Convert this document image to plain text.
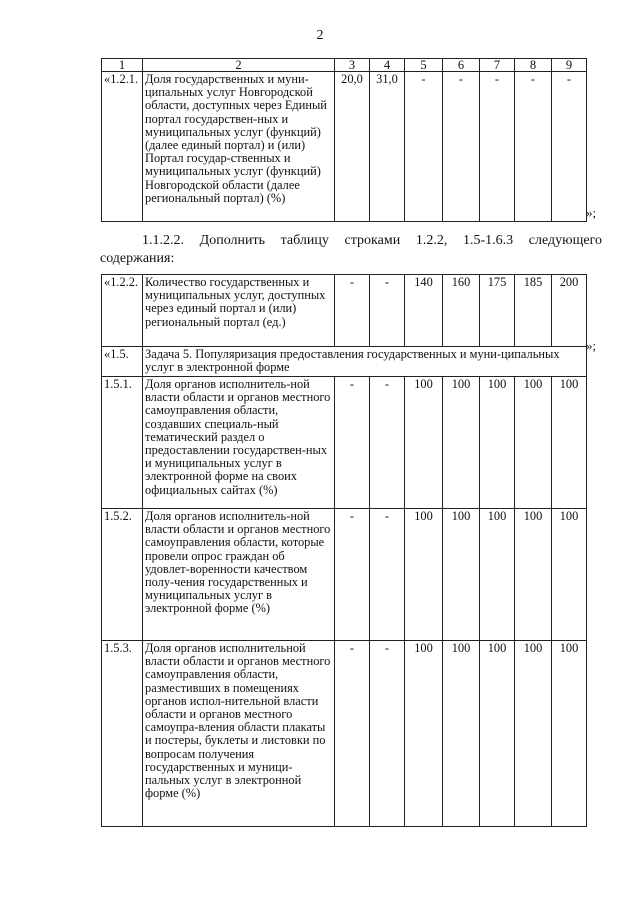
2
1	2	3	4	5	6	7	8	9
«1.2.1.	Доля государственных и муни-ципальных услуг Новгородской области, доступных через Единый портал государствен-ных и муниципальных услуг (функций) (далее единый портал) и (или) Портал государ-ственных и муниципальных услуг (функций) Новгородской области (далее региональный портал) (%)	20,0	31,0	-	-	-	-	-
»;
1.1.2.2. Дополнить таблицу строками 1.2.2, 1.5-1.6.3 следующего содержания:
«1.2.2.	Количество государственных и муниципальных услуг, доступных через единый портал и (или) региональный портал (ед.)	-	-	140	160	175	185	200
«1.5.	Задача 5. Популяризация предоставления государственных и муни-ципальных услуг в электронной форме							
1.5.1.	Доля органов исполнитель-ной власти области и органов местного самоуправления области, создавших специаль-ный тематический раздел о предоставлении государствен-ных и муниципальных услуг в электронной форме на своих официальных сайтах (%)	-	-	100	100	100	100	100
1.5.2.	Доля органов исполнитель-ной власти области и органов местного самоуправления области, которые провели опрос граждан об удовлет-воренности качеством полу-чения государственных и муниципальных услуг в электронной форме (%)	-	-	100	100	100	100	100
1.5.3.	Доля органов исполнительной власти области и органов местного самоуправления области, разместивших в помещениях органов испол-нительной власти области и органов местного самоупра-вления области плакаты и постеры, буклеты и листовки по вопросам получения государственных и муници-пальных услуг в электронной форме (%)	-	-	100	100	100	100	100
»;
